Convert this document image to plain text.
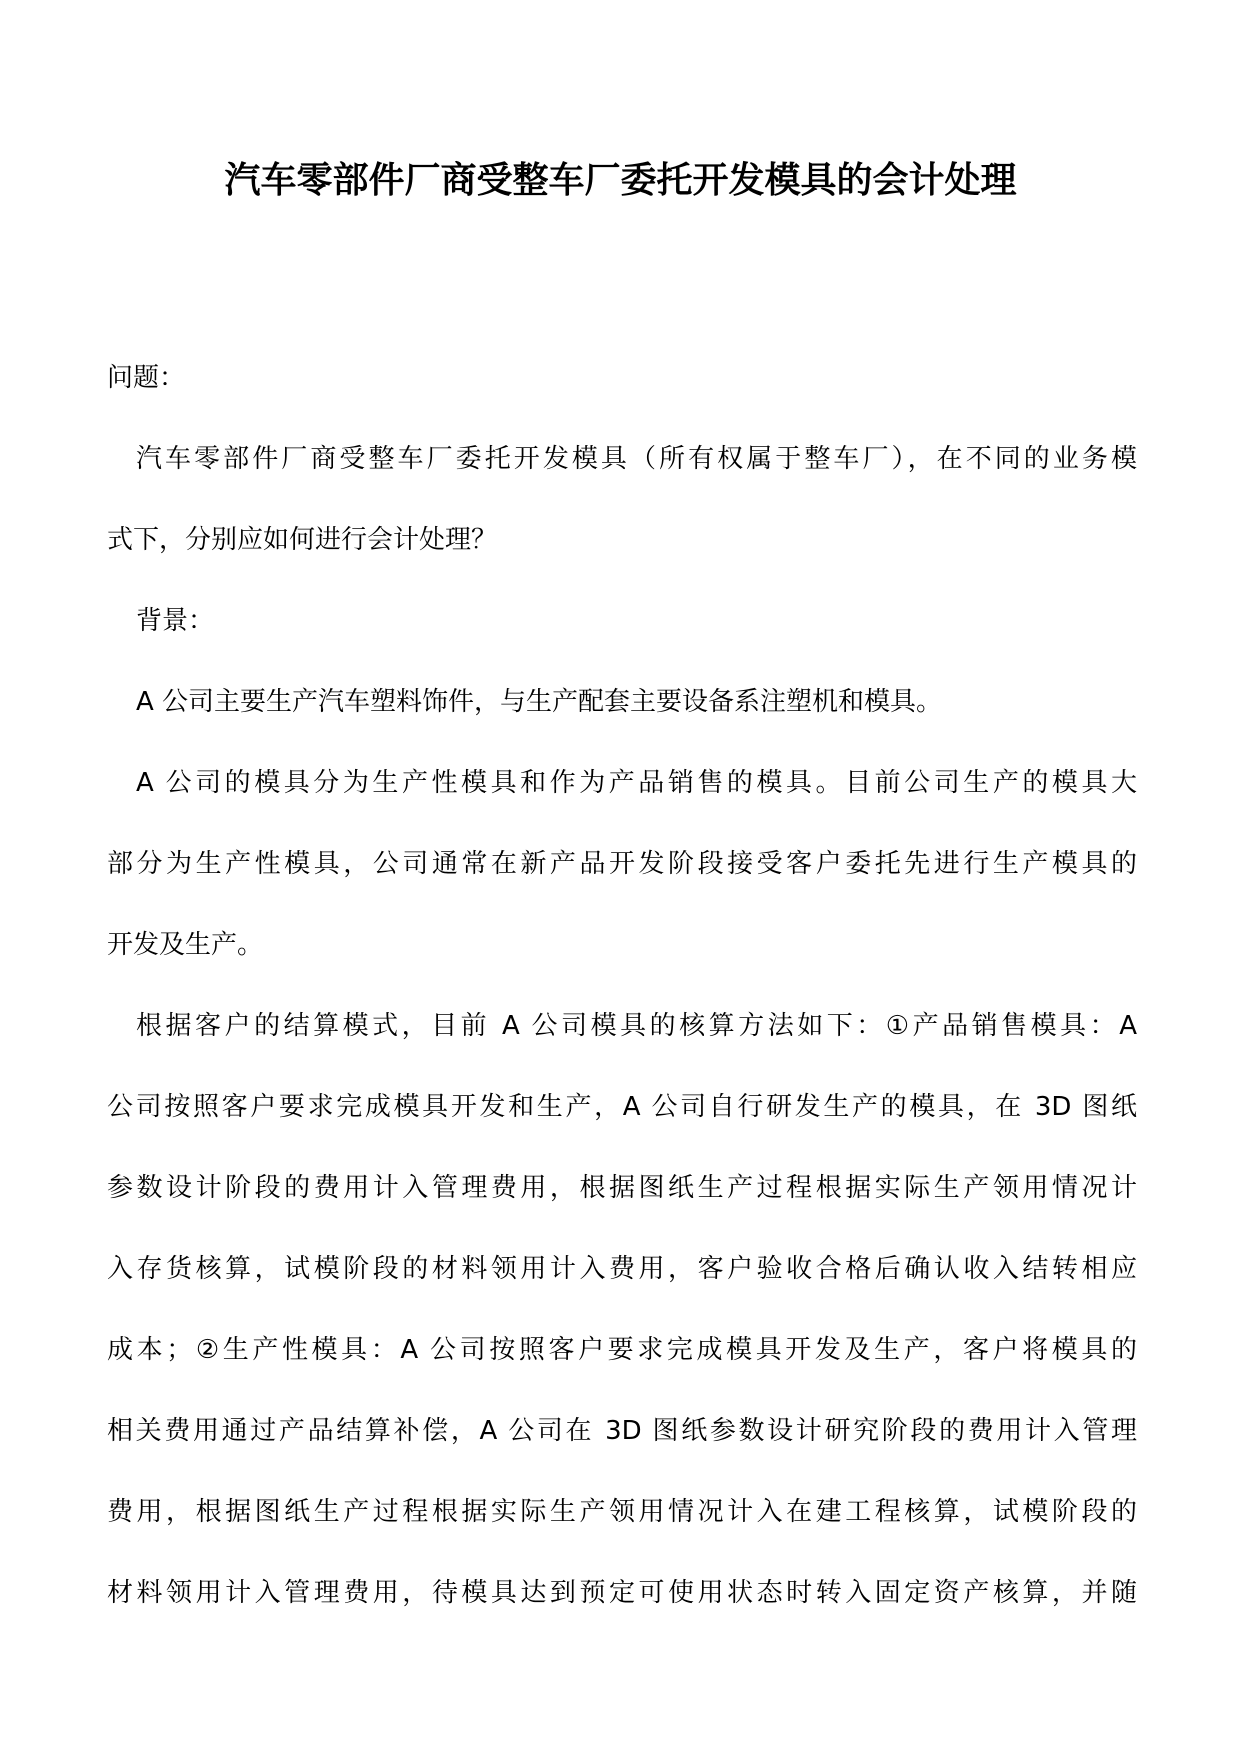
汽车零部件厂商受整车厂委托开发模具的会计处理

问题：

汽车零部件厂商受整车厂委托开发模具（所有权属于整车厂），在不同的业务模

式下，分别应如何进行会计处理？

背景：

A 公司主要生产汽车塑料饰件，与生产配套主要设备系注塑机和模具。

A 公司的模具分为生产性模具和作为产品销售的模具。目前公司生产的模具大

部分为生产性模具，公司通常在新产品开发阶段接受客户委托先进行生产模具的

开发及生产。

根据客户的结算模式，目前 A 公司模具的核算方法如下：①产品销售模具：A

公司按照客户要求完成模具开发和生产，A 公司自行研发生产的模具，在 3D 图纸

参数设计阶段的费用计入管理费用，根据图纸生产过程根据实际生产领用情况计

入存货核算，试模阶段的材料领用计入费用，客户验收合格后确认收入结转相应

成本；②生产性模具：A 公司按照客户要求完成模具开发及生产，客户将模具的

相关费用通过产品结算补偿，A 公司在 3D 图纸参数设计研究阶段的费用计入管理

费用，根据图纸生产过程根据实际生产领用情况计入在建工程核算，试模阶段的

材料领用计入管理费用，待模具达到预定可使用状态时转入固定资产核算，并随
